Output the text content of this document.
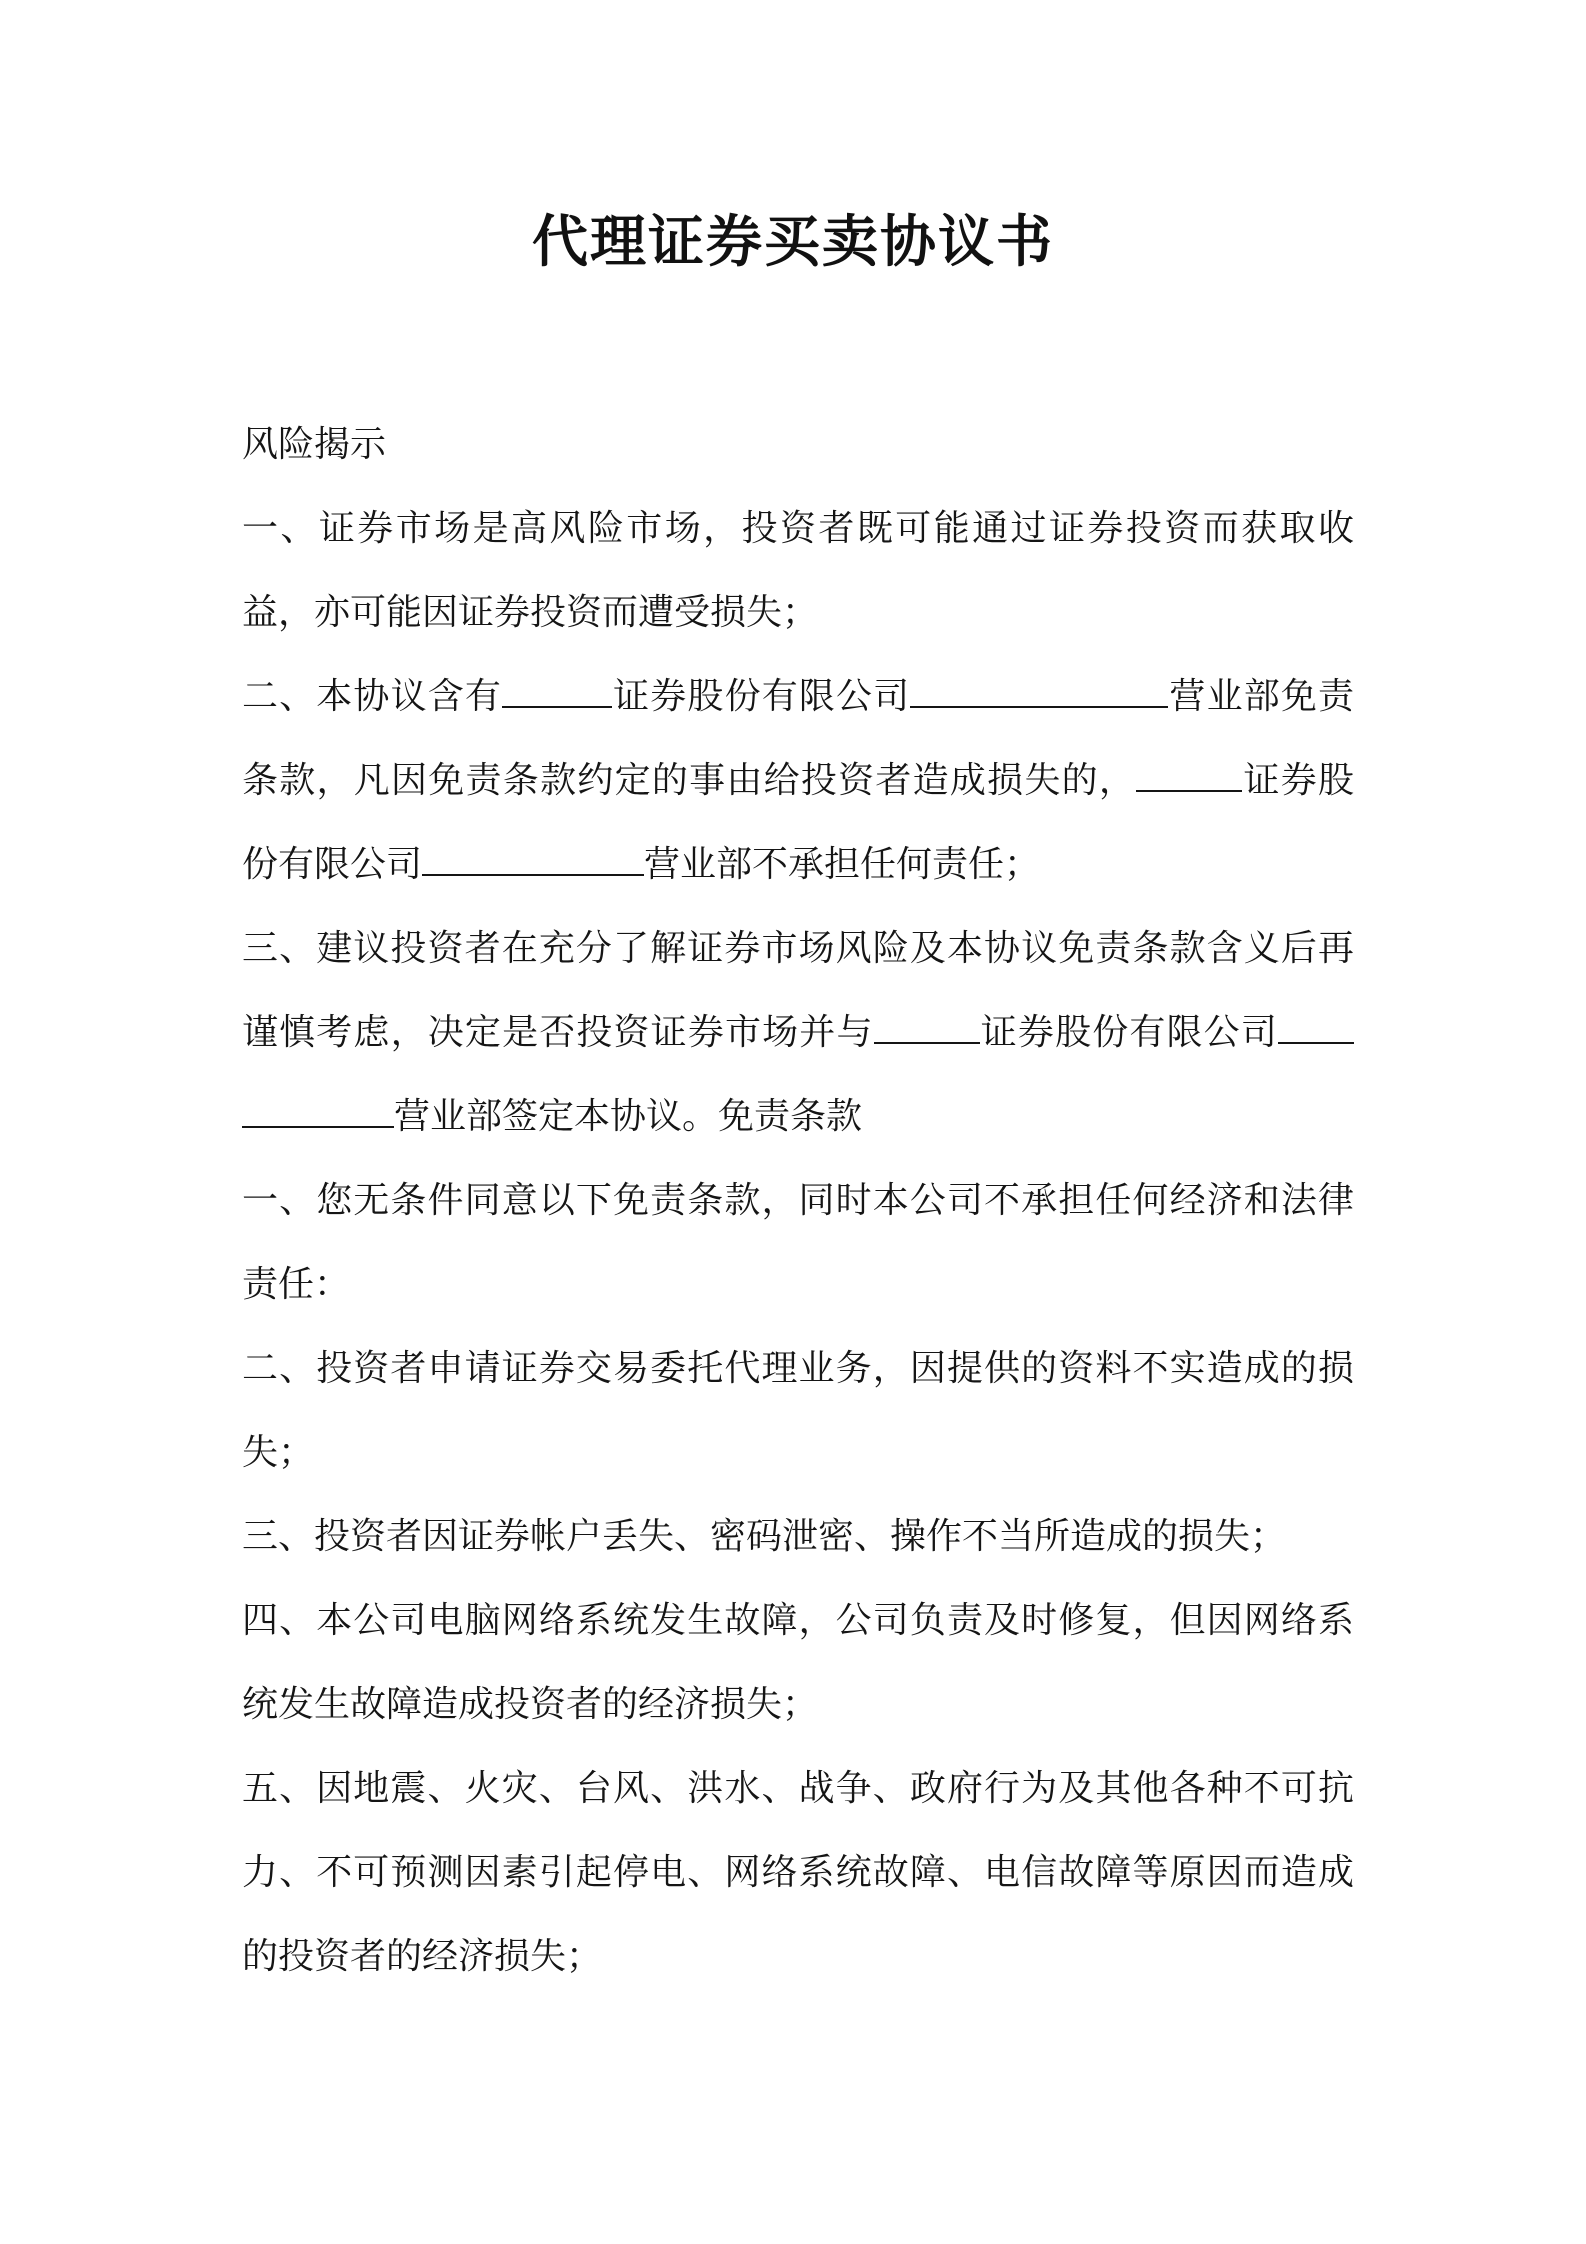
代理证券买卖协议书

风险揭示

一、证券市场是高风险市场，投资者既可能通过证券投资而获取收益，亦可能因证券投资而遭受损失；

二、本协议含有	证券股份有限公司	营业部免责条款，凡因免责条款约定的事由给投资者造成损失的，	证券股份有限公司	营业部不承担任何责任；

三、建议投资者在充分了解证券市场风险及本协议免责条款含义后再谨慎考虑，决定是否投资证券市场并与	证券股份有限公司营业部签定本协议。免责条款

一、您无条件同意以下免责条款，同时本公司不承担任何经济和法律责任：

二、投资者申请证券交易委托代理业务，因提供的资料不实造成的损失；

三、投资者因证券帐户丢失、密码泄密、操作不当所造成的损失；

四、本公司电脑网络系统发生故障，公司负责及时修复，但因网络系统发生故障造成投资者的经济损失；

五、因地震、火灾、台风、洪水、战争、政府行为及其他各种不可抗力、不可预测因素引起停电、网络系统故障、电信故障等原因而造成的投资者的经济损失；
